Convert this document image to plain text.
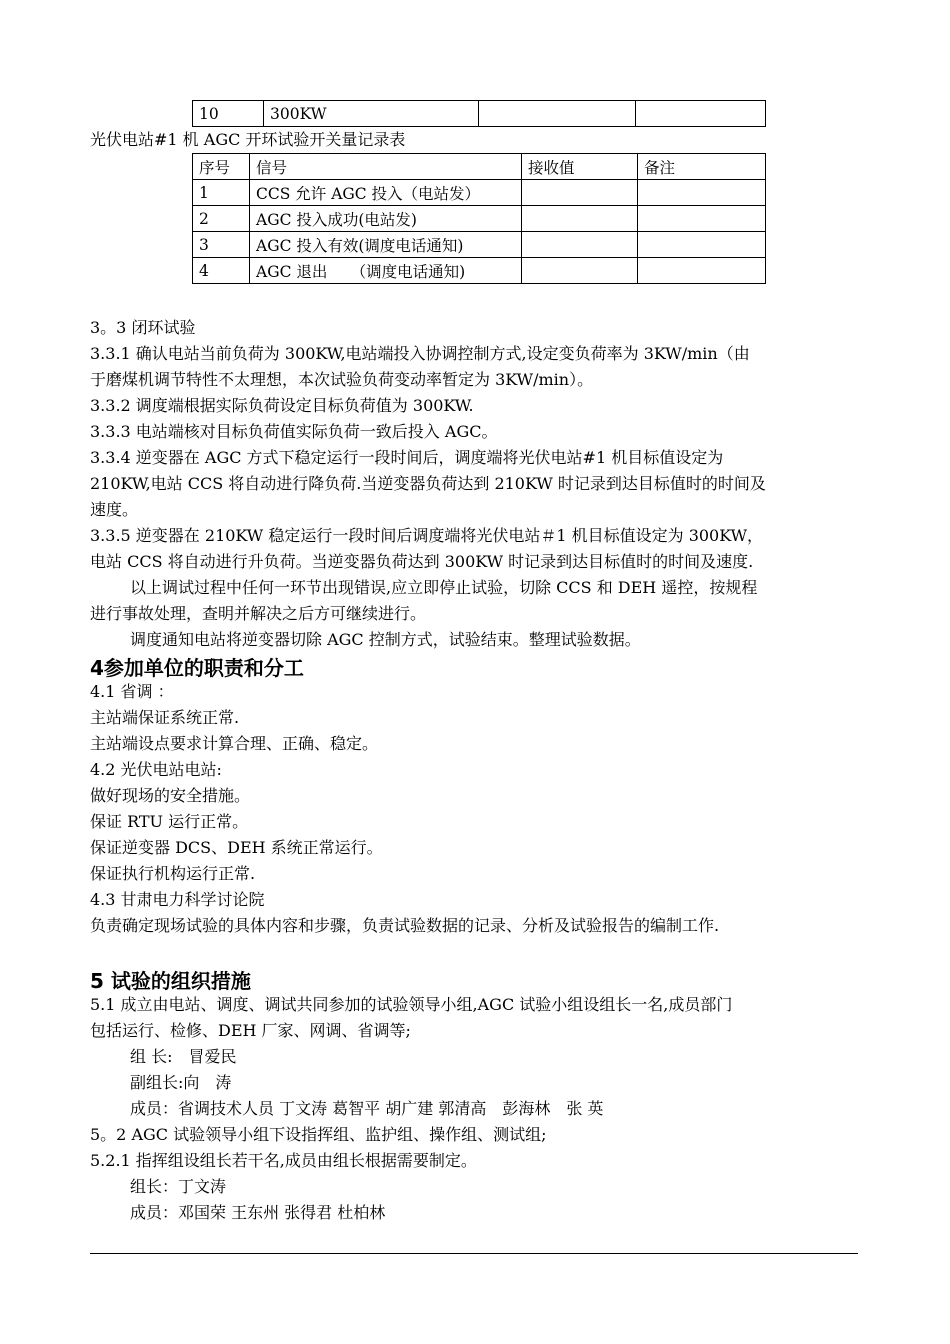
10	300KW		
光伏电站#1 机 AGC 开环试验开关量记录表
序号	信号	接收值	备注
1	CCS 允许 AGC 投入（电站发）		
2	AGC 投入成功(电站发)		
3	AGC 投入有效(调度电话通知)		
4	AGC 退出　　（调度电话通知)		
3。3 闭环试验
3.3.1 确认电站当前负荷为 300KW,电站端投入协调控制方式,设定变负荷率为 3KW/min（由
于磨煤机调节特性不太理想，本次试验负荷变动率暂定为 3KW/min）。
3.3.2 调度端根据实际负荷设定目标负荷值为 300KW.
3.3.3 电站端核对目标负荷值实际负荷一致后投入 AGC。
3.3.4 逆变器在 AGC 方式下稳定运行一段时间后，调度端将光伏电站#1 机目标值设定为
210KW,电站 CCS 将自动进行降负荷.当逆变器负荷达到 210KW 时记录到达目标值时的时间及
速度。
3.3.5 逆变器在 210KW 稳定运行一段时间后调度端将光伏电站＃1 机目标值设定为 300KW，
电站 CCS 将自动进行升负荷。当逆变器负荷达到 300KW 时记录到达目标值时的时间及速度.
以上调试过程中任何一环节出现错误,应立即停止试验，切除 CCS 和 DEH 遥控，按规程
进行事故处理，查明并解决之后方可继续进行。
调度通知电站将逆变器切除 AGC 控制方式，试验结束。整理试验数据。
4参加单位的职责和分工
4.1 省调 ：
主站端保证系统正常.
主站端设点要求计算合理、正确、稳定。
4.2 光伏电站电站:
做好现场的安全措施。
保证 RTU 运行正常。
保证逆变器 DCS、DEH 系统正常运行。
保证执行机构运行正常.
4.3 甘肃电力科学讨论院
负责确定现场试验的具体内容和步骤，负责试验数据的记录、分析及试验报告的编制工作.
5 试验的组织措施
5.1 成立由电站、调度、调试共同参加的试验领导小组,AGC 试验小组设组长一名,成员部门
包括运行、检修、DEH 厂家、网调、省调等;
组 长:　冒爱民
副组长:向　涛
成员：省调技术人员 丁文涛 葛智平 胡广建 郭清高　彭海林　张 英
5。2 AGC 试验领导小组下设指挥组、监护组、操作组、测试组;
5.2.1 指挥组设组长若干名,成员由组长根据需要制定。
组长：丁文涛
成员：邓国荣 王东州 张得君 杜柏林
